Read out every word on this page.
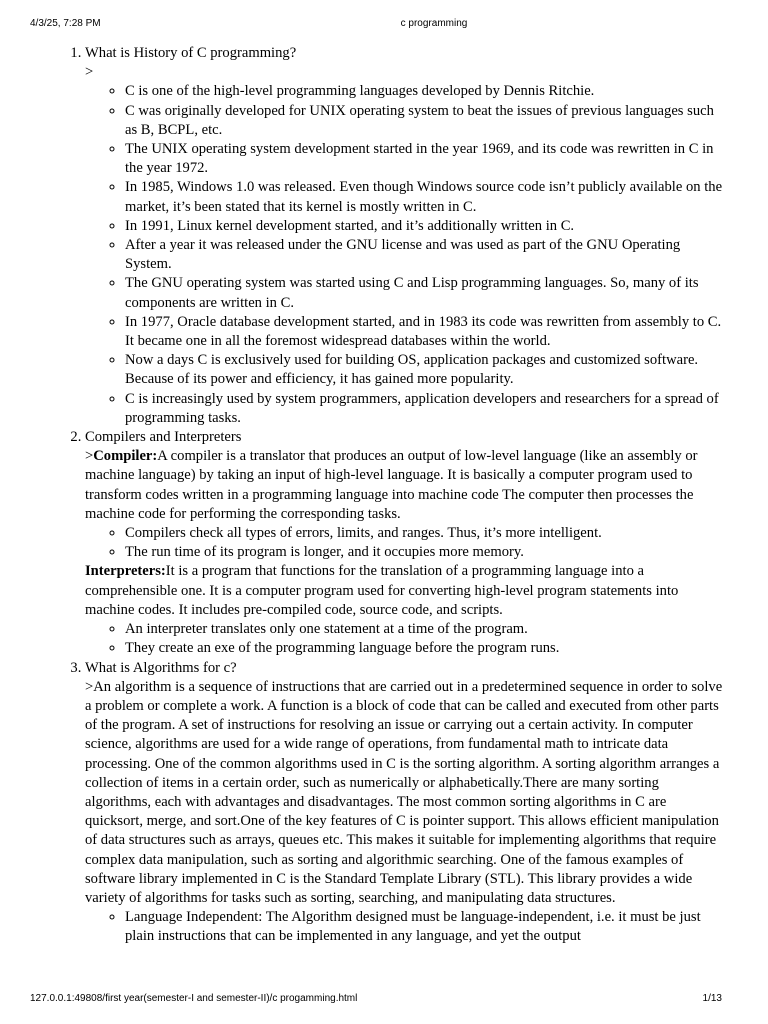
4/3/25, 7:28 PM	c programming
1. What is History of C programming?

>

◦ C is one of the high-level programming languages developed by Dennis Ritchie.
◦ C was originally developed for UNIX operating system to beat the issues of previous languages such as B, BCPL, etc.
◦ The UNIX operating system development started in the year 1969, and its code was rewritten in C in the year 1972.
◦ In 1985, Windows 1.0 was released. Even though Windows source code isn’t publicly available on the market, it’s been stated that its kernel is mostly written in C.
◦ In 1991, Linux kernel development started, and it’s additionally written in C.
◦ After a year it was released under the GNU license and was used as part of the GNU Operating System.
◦ The GNU operating system was started using C and Lisp programming languages. So, many of its components are written in C.
◦ In 1977, Oracle database development started, and in 1983 its code was rewritten from assembly to C. It became one in all the foremost widespread databases within the world.
◦ Now a days C is exclusively used for building OS, application packages and customized software. Because of its power and efficiency, it has gained more popularity.
◦ C is increasingly used by system programmers, application developers and researchers for a spread of programming tasks.
2. Compilers and Interpreters

>Compiler:A compiler is a translator that produces an output of low-level language (like an assembly or machine language) by taking an input of high-level language. It is basically a computer program used to transform codes written in a programming language into machine code The computer then processes the machine code for performing the corresponding tasks.

◦ Compilers check all types of errors, limits, and ranges. Thus, it’s more intelligent.
◦ The run time of its program is longer, and it occupies more memory.

Interpreters:It is a program that functions for the translation of a programming language into a comprehensible one. It is a computer program used for converting high-level program statements into machine codes. It includes pre-compiled code, source code, and scripts.

◦ An interpreter translates only one statement at a time of the program.
◦ They create an exe of the programming language before the program runs.
3. What is Algorithms for c?

>An algorithm is a sequence of instructions that are carried out in a predetermined sequence in order to solve a problem or complete a work. A function is a block of code that can be called and executed from other parts of the program. A set of instructions for resolving an issue or carrying out a certain activity. In computer science, algorithms are used for a wide range of operations, from fundamental math to intricate data processing. One of the common algorithms used in C is the sorting algorithm. A sorting algorithm arranges a collection of items in a certain order, such as numerically or alphabetically.There are many sorting algorithms, each with advantages and disadvantages. The most common sorting algorithms in C are quicksort, merge, and sort.One of the key features of C is pointer support. This allows efficient manipulation of data structures such as arrays, queues etc. This makes it suitable for implementing algorithms that require complex data manipulation, such as sorting and algorithmic searching. One of the famous examples of software library implemented in C is the Standard Template Library (STL). This library provides a wide variety of algorithms for tasks such as sorting, searching, and manipulating data structures.

◦ Language Independent: The Algorithm designed must be language-independent, i.e. it must be just plain instructions that can be implemented in any language, and yet the output
127.0.0.1:49808/first year(semester-I and semester-II)/c progamming.html	1/13
